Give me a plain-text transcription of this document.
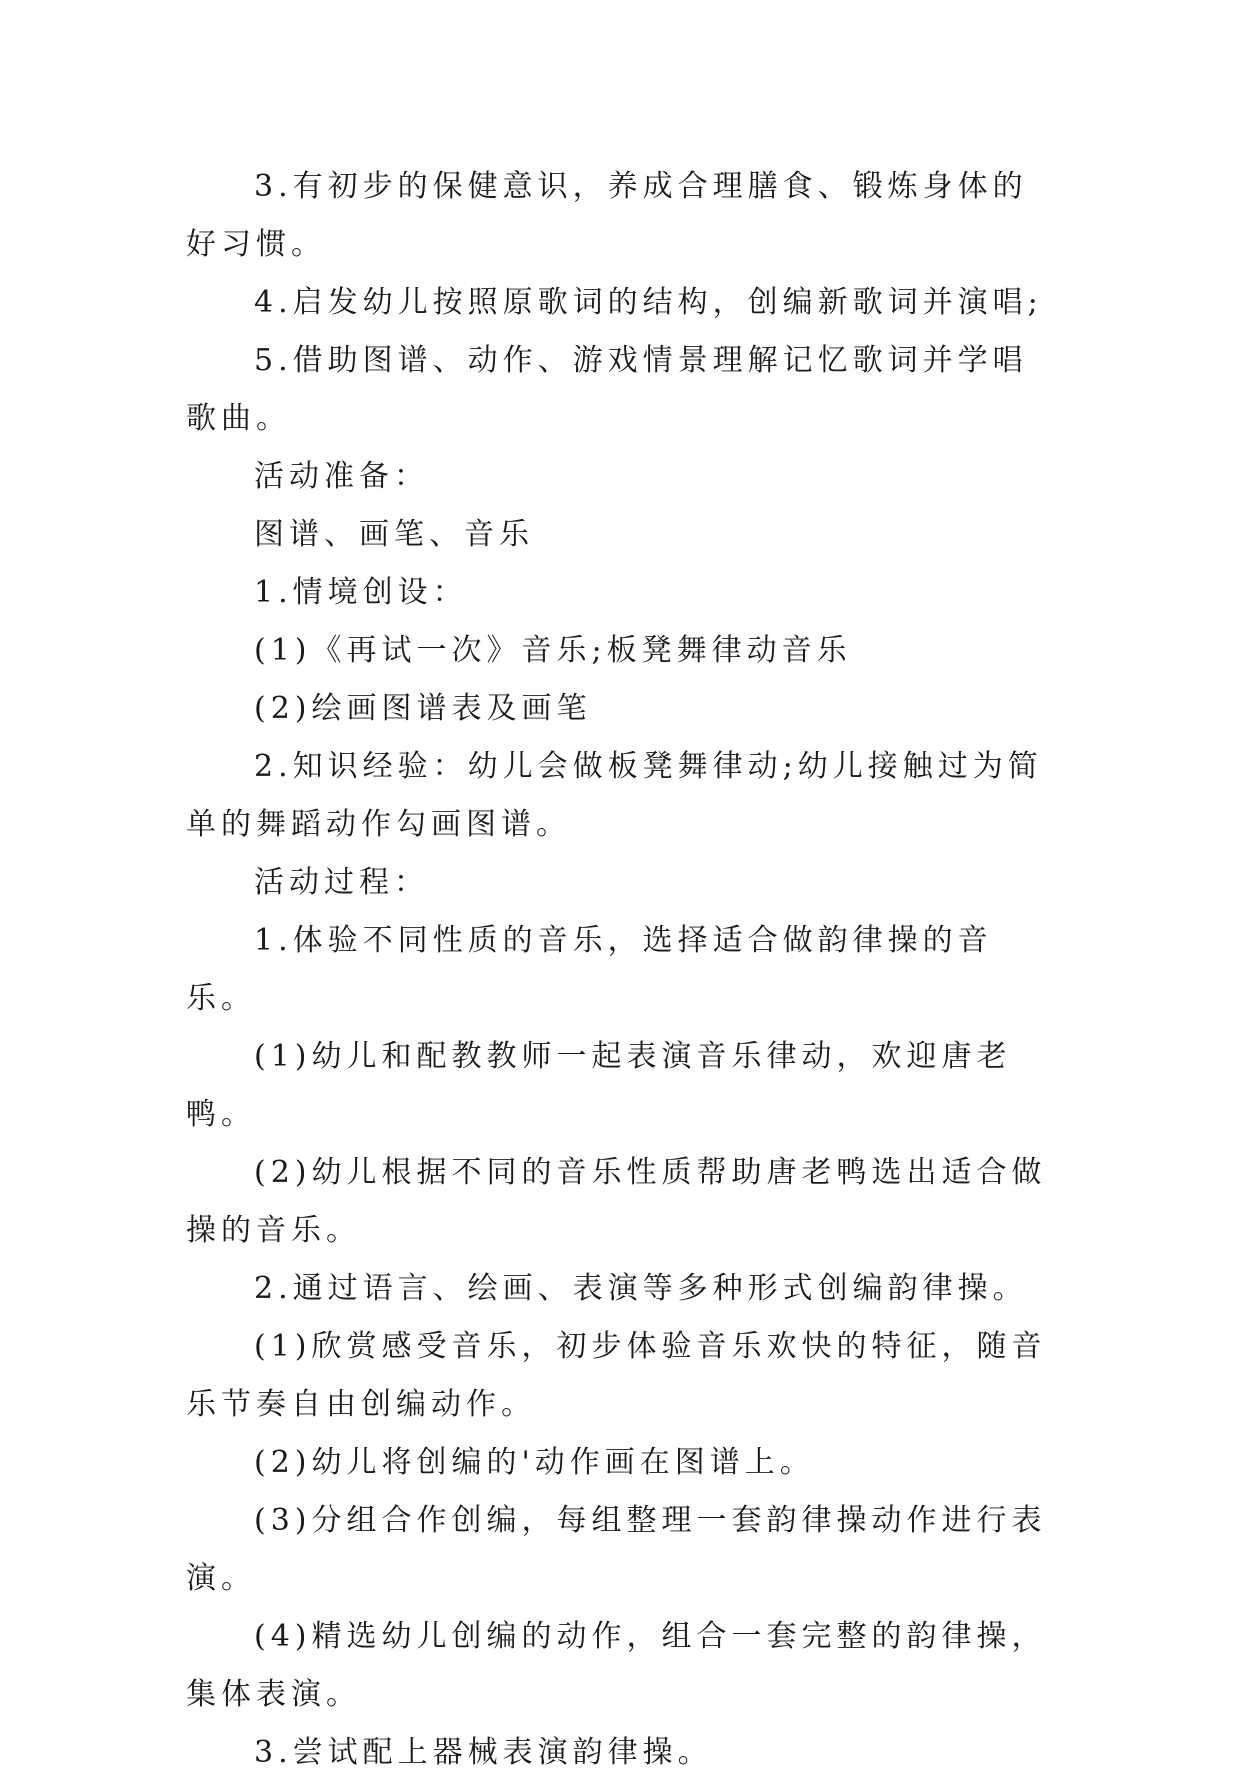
3.有初步的保健意识，养成合理膳食、锻炼身体的好习惯。

4.启发幼儿按照原歌词的结构，创编新歌词并演唱;

5.借助图谱、动作、游戏情景理解记忆歌词并学唱歌曲。

活动准备：

图谱、画笔、音乐

1.情境创设：

(1)《再试一次》音乐;板凳舞律动音乐

(2)绘画图谱表及画笔

2.知识经验：幼儿会做板凳舞律动;幼儿接触过为简单的舞蹈动作勾画图谱。

活动过程：

1.体验不同性质的音乐，选择适合做韵律操的音乐。

(1)幼儿和配教教师一起表演音乐律动，欢迎唐老鸭。

(2)幼儿根据不同的音乐性质帮助唐老鸭选出适合做操的音乐。

2.通过语言、绘画、表演等多种形式创编韵律操。

(1)欣赏感受音乐，初步体验音乐欢快的特征，随音乐节奏自由创编动作。

(2)幼儿将创编的'动作画在图谱上。

(3)分组合作创编，每组整理一套韵律操动作进行表演。

(4)精选幼儿创编的动作，组合一套完整的韵律操，集体表演。

3.尝试配上器械表演韵律操。
